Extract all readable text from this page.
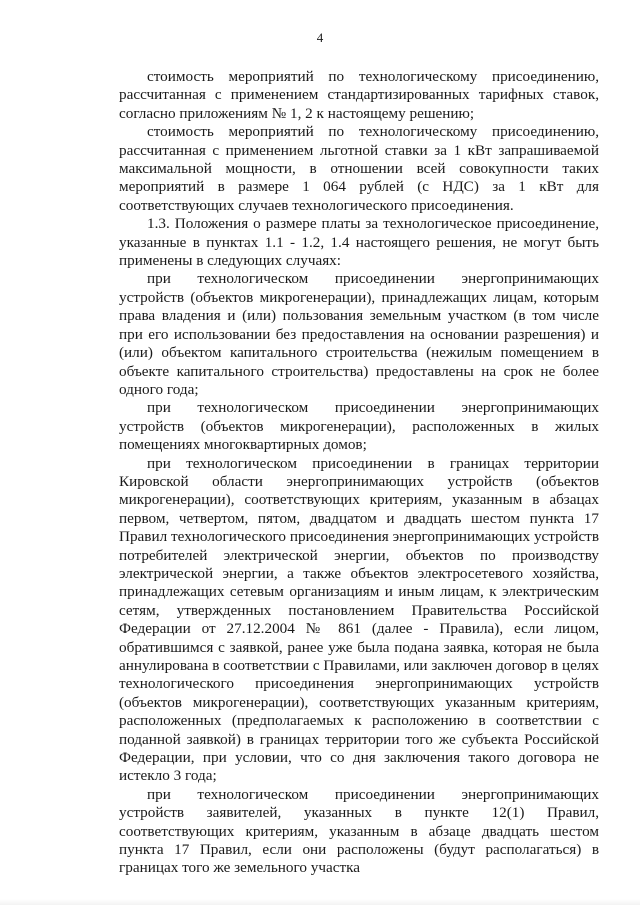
4

стоимость мероприятий по технологическому присоединению, рассчитанная с применением стандартизированных тарифных ставок, согласно приложениям № 1, 2 к настоящему решению;

стоимость мероприятий по технологическому присоединению, рассчитанная с применением льготной ставки за 1 кВт запрашиваемой максимальной мощности, в отношении всей совокупности таких мероприятий в размере 1 064 рублей (с НДС) за 1 кВт для соответствующих случаев технологического присоединения.

1.3. Положения о размере платы за технологическое присоединение, указанные в пунктах 1.1 - 1.2, 1.4 настоящего решения, не могут быть применены в следующих случаях:

при технологическом присоединении энергопринимающих устройств (объектов микрогенерации), принадлежащих лицам, которым права владения и (или) пользования земельным участком (в том числе при его использовании без предоставления на основании разрешения) и (или) объектом капитального строительства (нежилым помещением в объекте капитального строительства) предоставлены на срок не более одного года;

при технологическом присоединении энергопринимающих устройств (объектов микрогенерации), расположенных в жилых помещениях многоквартирных домов;

при технологическом присоединении в границах территории Кировской области энергопринимающих устройств (объектов микрогенерации), соответствующих критериям, указанным в абзацах первом, четвертом, пятом, двадцатом и двадцать шестом пункта 17 Правил технологического присоединения энергопринимающих устройств потребителей электрической энергии, объектов по производству электрической энергии, а также объектов электросетевого хозяйства, принадлежащих сетевым организациям и иным лицам, к электрическим сетям, утвержденных постановлением Правительства Российской Федерации от 27.12.2004 № 861 (далее - Правила), если лицом, обратившимся с заявкой, ранее уже была подана заявка, которая не была аннулирована в соответствии с Правилами, или заключен договор в целях технологического присоединения энергопринимающих устройств (объектов микрогенерации), соответствующих указанным критериям, расположенных (предполагаемых к расположению в соответствии с поданной заявкой) в границах территории того же субъекта Российской Федерации, при условии, что со дня заключения такого договора не истекло 3 года;

при технологическом присоединении энергопринимающих устройств заявителей, указанных в пункте 12(1) Правил, соответствующих критериям, указанным в абзаце двадцать шестом пункта 17 Правил, если они расположены (будут располагаться) в границах того же земельного участка
